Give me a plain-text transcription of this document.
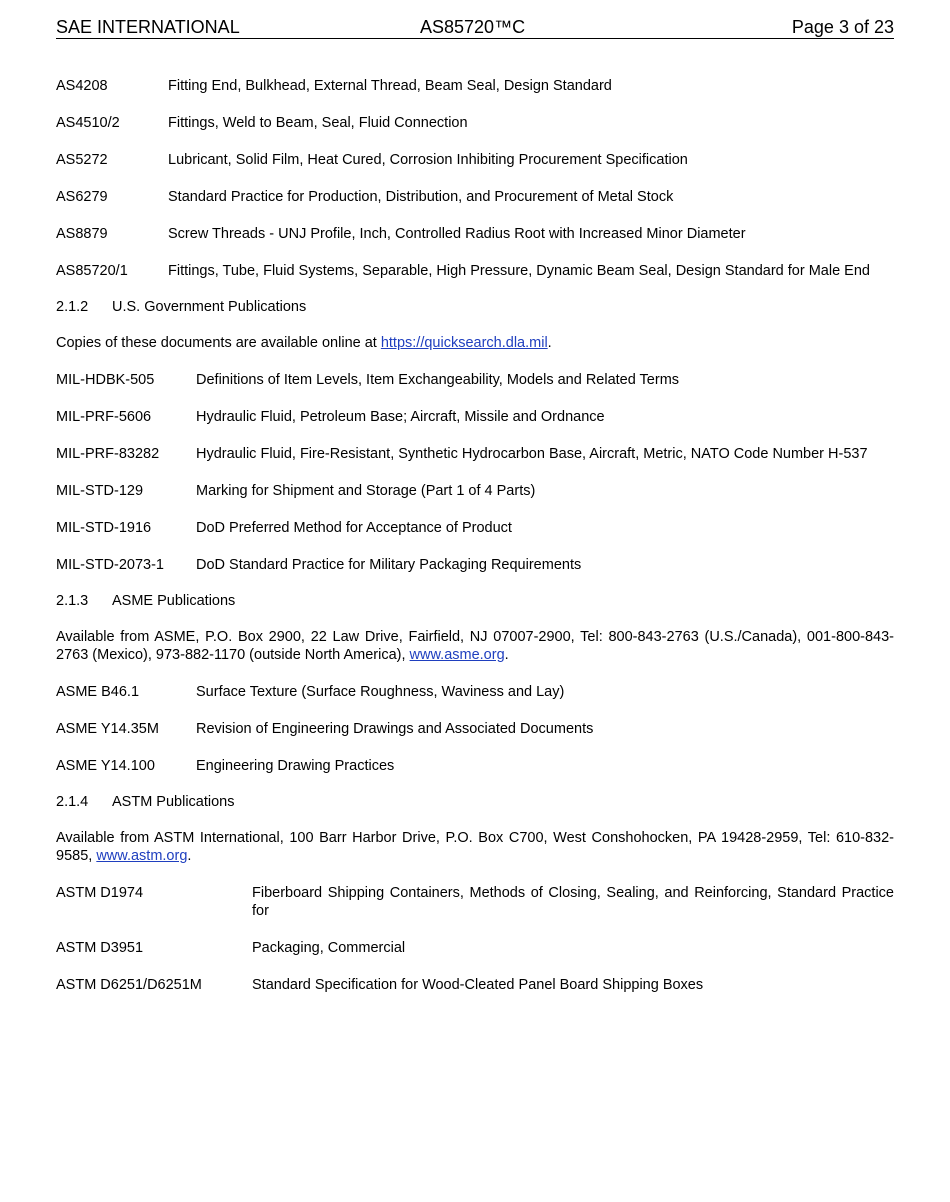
SAE INTERNATIONAL	AS85720™C	Page 3 of 23
AS4208	Fitting End, Bulkhead, External Thread, Beam Seal, Design Standard
AS4510/2	Fittings, Weld to Beam, Seal, Fluid Connection
AS5272	Lubricant, Solid Film, Heat Cured, Corrosion Inhibiting Procurement Specification
AS6279	Standard Practice for Production, Distribution, and Procurement of Metal Stock
AS8879	Screw Threads - UNJ Profile, Inch, Controlled Radius Root with Increased Minor Diameter
AS85720/1	Fittings, Tube, Fluid Systems, Separable, High Pressure, Dynamic Beam Seal, Design Standard for Male End
2.1.2	U.S. Government Publications
Copies of these documents are available online at https://quicksearch.dla.mil.
MIL-HDBK-505	Definitions of Item Levels, Item Exchangeability, Models and Related Terms
MIL-PRF-5606	Hydraulic Fluid, Petroleum Base; Aircraft, Missile and Ordnance
MIL-PRF-83282	Hydraulic Fluid, Fire-Resistant, Synthetic Hydrocarbon Base, Aircraft, Metric, NATO Code Number H-537
MIL-STD-129	Marking for Shipment and Storage (Part 1 of 4 Parts)
MIL-STD-1916	DoD Preferred Method for Acceptance of Product
MIL-STD-2073-1	DoD Standard Practice for Military Packaging Requirements
2.1.3	ASME Publications
Available from ASME, P.O. Box 2900, 22 Law Drive, Fairfield, NJ 07007-2900, Tel: 800-843-2763 (U.S./Canada), 001-800-843-2763 (Mexico), 973-882-1170 (outside North America), www.asme.org.
ASME B46.1	Surface Texture (Surface Roughness, Waviness and Lay)
ASME Y14.35M	Revision of Engineering Drawings and Associated Documents
ASME Y14.100	Engineering Drawing Practices
2.1.4	ASTM Publications
Available from ASTM International, 100 Barr Harbor Drive, P.O. Box C700, West Conshohocken, PA 19428-2959, Tel: 610-832-9585, www.astm.org.
ASTM D1974	Fiberboard Shipping Containers, Methods of Closing, Sealing, and Reinforcing, Standard Practice for
ASTM D3951	Packaging, Commercial
ASTM D6251/D6251M	Standard Specification for Wood-Cleated Panel Board Shipping Boxes
